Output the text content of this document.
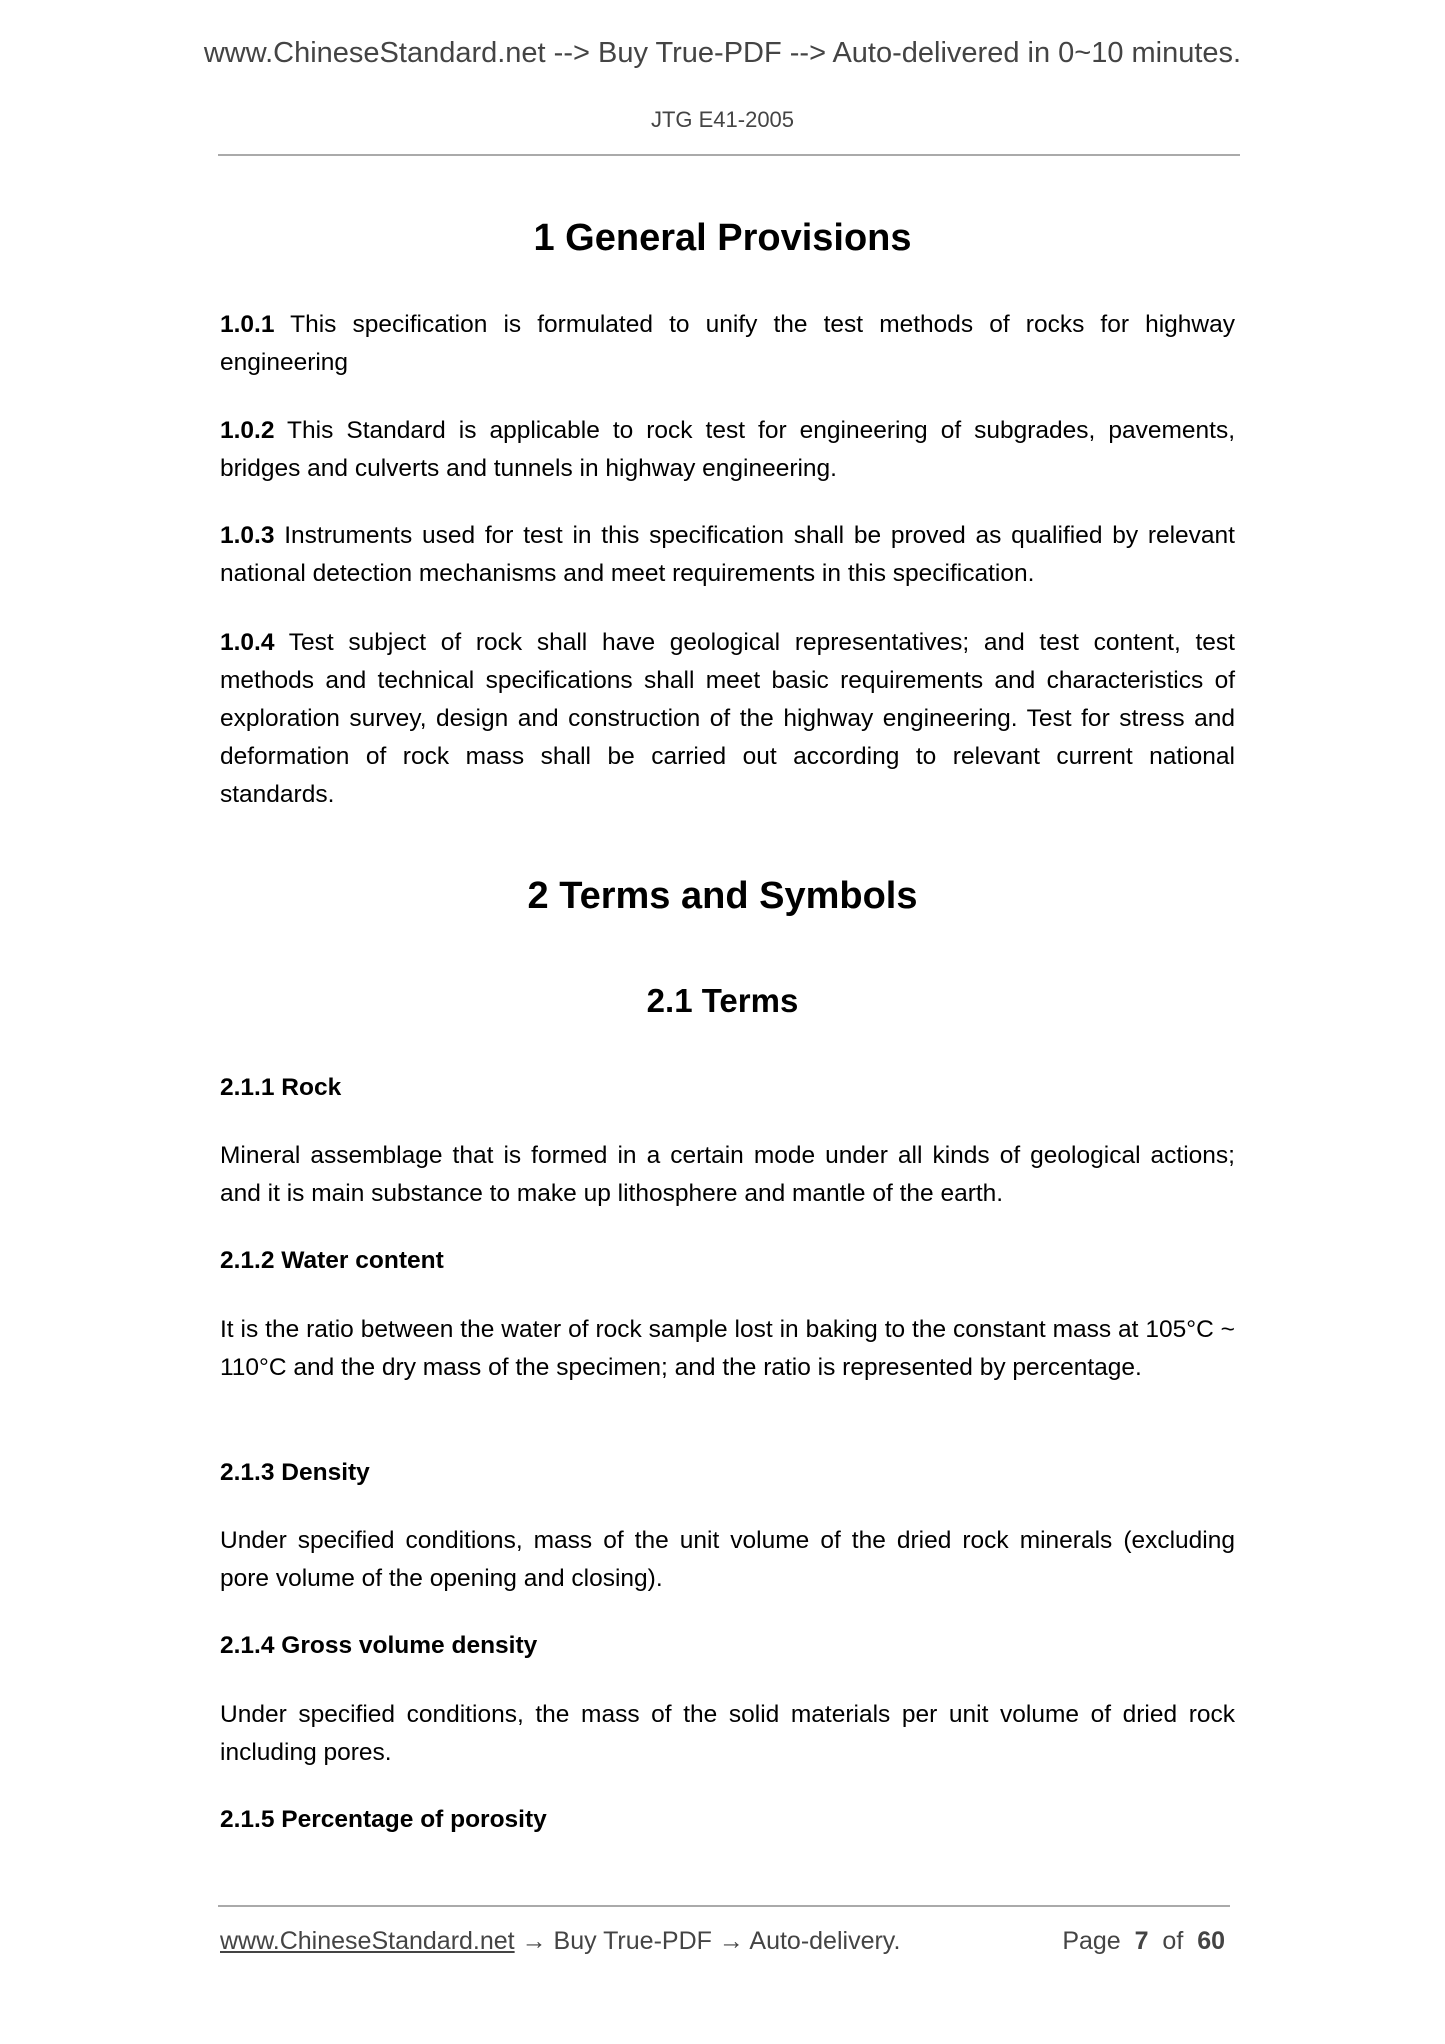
www.ChineseStandard.net --> Buy True-PDF --> Auto-delivered in 0~10 minutes.
JTG E41-2005
1 General Provisions
1.0.1 This specification is formulated to unify the test methods of rocks for highway engineering
1.0.2 This Standard is applicable to rock test for engineering of subgrades, pavements, bridges and culverts and tunnels in highway engineering.
1.0.3 Instruments used for test in this specification shall be proved as qualified by relevant national detection mechanisms and meet requirements in this specification.
1.0.4 Test subject of rock shall have geological representatives; and test content, test methods and technical specifications shall meet basic requirements and characteristics of exploration survey, design and construction of the highway engineering. Test for stress and deformation of rock mass shall be carried out according to relevant current national standards.
2 Terms and Symbols
2.1 Terms
2.1.1 Rock
Mineral assemblage that is formed in a certain mode under all kinds of geological actions; and it is main substance to make up lithosphere and mantle of the earth.
2.1.2 Water content
It is the ratio between the water of rock sample lost in baking to the constant mass at 105°C ~ 110°C and the dry mass of the specimen; and the ratio is represented by percentage.
2.1.3 Density
Under specified conditions, mass of the unit volume of the dried rock minerals (excluding pore volume of the opening and closing).
2.1.4 Gross volume density
Under specified conditions, the mass of the solid materials per unit volume of dried rock including pores.
2.1.5 Percentage of porosity
www.ChineseStandard.net → Buy True-PDF → Auto-delivery.	Page 7 of 60
